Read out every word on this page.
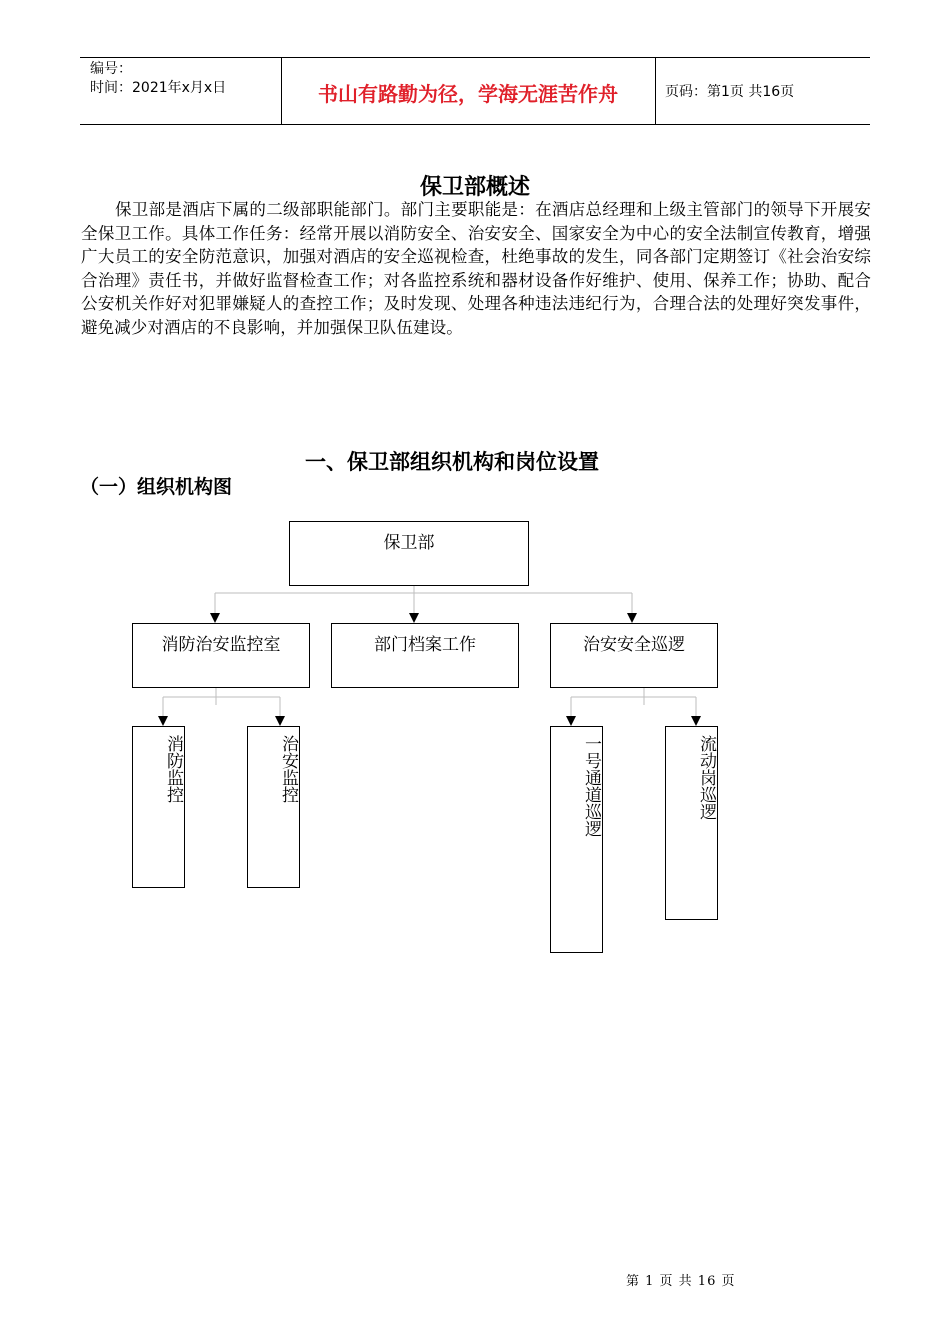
编号：
时间：2021年x月x日	书山有路勤为径，学海无涯苦作舟	页码：第1页 共16页
保卫部概述
保卫部是酒店下属的二级部职能部门。部门主要职能是：在酒店总经理和上级主管部门的领导下开展安全保卫工作。具体工作任务：经常开展以消防安全、治安安全、国家安全为中心的安全法制宣传教育，增强广大员工的安全防范意识，加强对酒店的安全巡视检查，杜绝事故的发生，同各部门定期签订《社会治安综合治理》责任书，并做好监督检查工作；对各监控系统和器材设备作好维护、使用、保养工作；协助、配合公安机关作好对犯罪嫌疑人的查控工作；及时发现、处理各种违法违纪行为，合理合法的处理好突发事件，避免减少对酒店的不良影响，并加强保卫队伍建设。
一、保卫部组织机构和岗位设置
（一）组织机构图
保卫部
消防治安监控室	部门档案工作	治安安全巡逻
消防监控	治安监控	一号通道巡逻	流动岗巡逻
第 1 页 共 16 页
